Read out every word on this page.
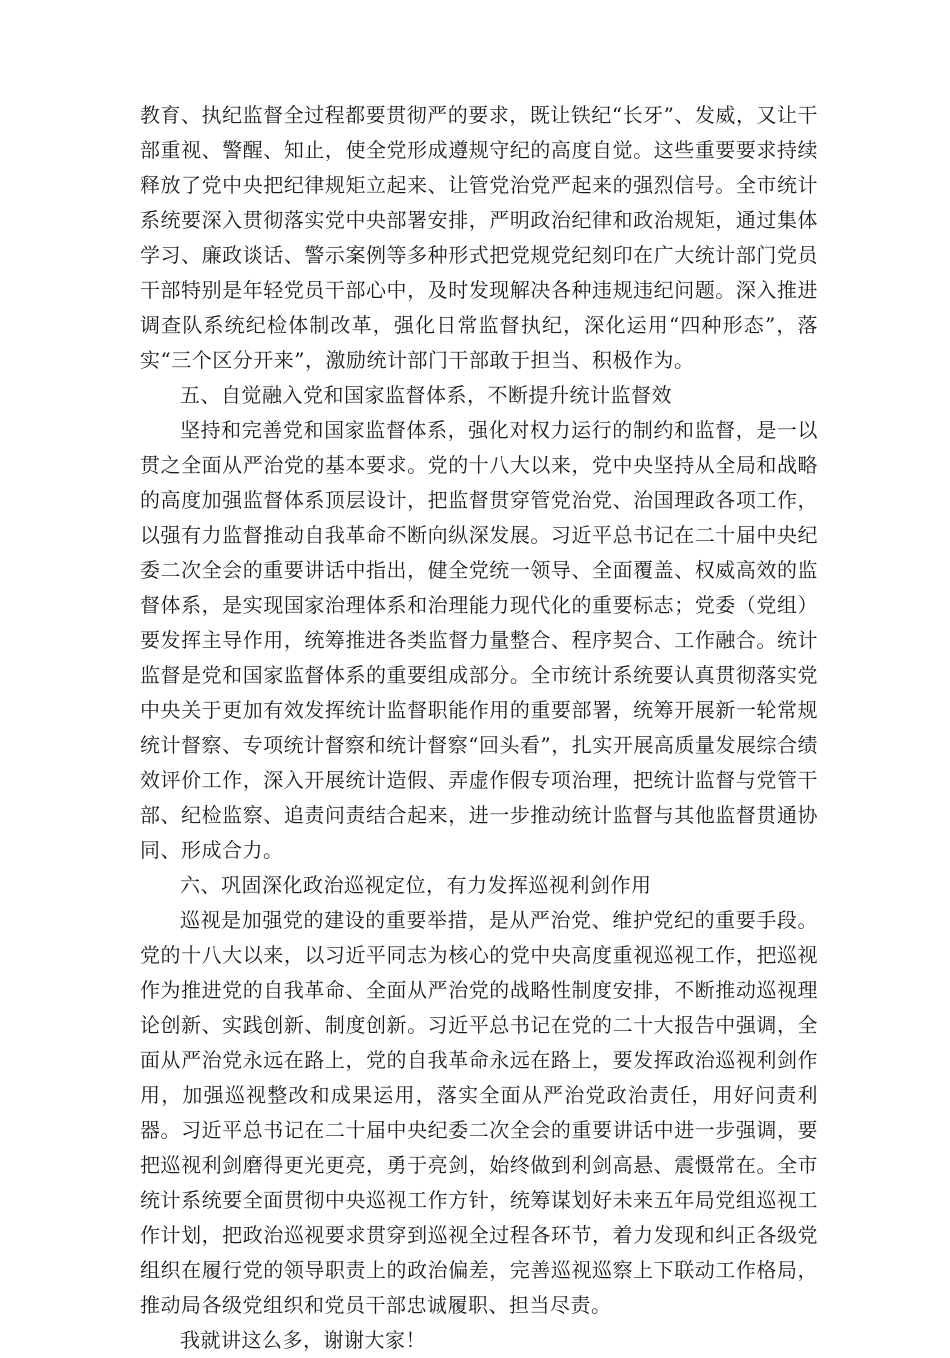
教育、执纪监督全过程都要贯彻严的要求，既让铁纪“长牙”、发威，又让干部重视、警醒、知止，使全党形成遵规守纪的高度自觉。这些重要要求持续释放了党中央把纪律规矩立起来、让管党治党严起来的强烈信号。全市统计系统要深入贯彻落实党中央部署安排，严明政治纪律和政治规矩，通过集体学习、廉政谈话、警示案例等多种形式把党规党纪刻印在广大统计部门党员干部特别是年轻党员干部心中，及时发现解决各种违规违纪问题。深入推进调查队系统纪检体制改革，强化日常监督执纪，深化运用“四种形态”，落实“三个区分开来”，激励统计部门干部敢于担当、积极作为。

五、自觉融入党和国家监督体系，不断提升统计监督效

坚持和完善党和国家监督体系，强化对权力运行的制约和监督，是一以贯之全面从严治党的基本要求。党的十八大以来，党中央坚持从全局和战略的高度加强监督体系顶层设计，把监督贯穿管党治党、治国理政各项工作，以强有力监督推动自我革命不断向纵深发展。习近平总书记在二十届中央纪委二次全会的重要讲话中指出，健全党统一领导、全面覆盖、权威高效的监督体系，是实现国家治理体系和治理能力现代化的重要标志；党委（党组）要发挥主导作用，统筹推进各类监督力量整合、程序契合、工作融合。统计监督是党和国家监督体系的重要组成部分。全市统计系统要认真贯彻落实党中央关于更加有效发挥统计监督职能作用的重要部署，统筹开展新一轮常规统计督察、专项统计督察和统计督察“回头看”，扎实开展高质量发展综合绩效评价工作，深入开展统计造假、弄虚作假专项治理，把统计监督与党管干部、纪检监察、追责问责结合起来，进一步推动统计监督与其他监督贯通协同、形成合力。

六、巩固深化政治巡视定位，有力发挥巡视利剑作用

巡视是加强党的建设的重要举措，是从严治党、维护党纪的重要手段。党的十八大以来，以习近平同志为核心的党中央高度重视巡视工作，把巡视作为推进党的自我革命、全面从严治党的战略性制度安排，不断推动巡视理论创新、实践创新、制度创新。习近平总书记在党的二十大报告中强调，全面从严治党永远在路上，党的自我革命永远在路上，要发挥政治巡视利剑作用，加强巡视整改和成果运用，落实全面从严治党政治责任，用好问责利器。习近平总书记在二十届中央纪委二次全会的重要讲话中进一步强调，要把巡视利剑磨得更光更亮，勇于亮剑，始终做到利剑高悬、震慑常在。全市统计系统要全面贯彻中央巡视工作方针，统筹谋划好未来五年局党组巡视工作计划，把政治巡视要求贯穿到巡视全过程各环节，着力发现和纠正各级党组织在履行党的领导职责上的政治偏差，完善巡视巡察上下联动工作格局，推动局各级党组织和党员干部忠诚履职、担当尽责。

我就讲这么多，谢谢大家！
